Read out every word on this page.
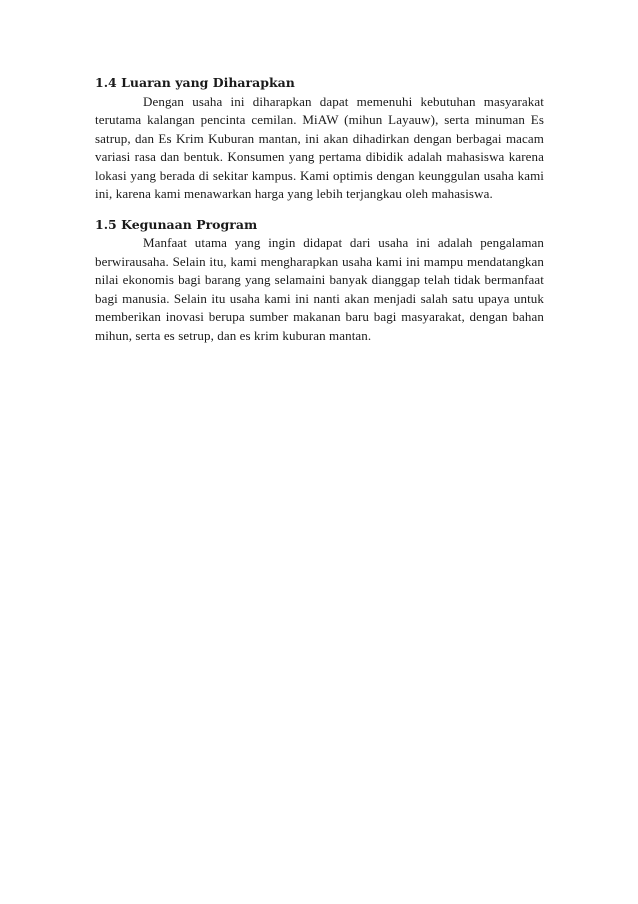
1.4 Luaran yang Diharapkan

Dengan usaha ini diharapkan dapat memenuhi kebutuhan masyarakat terutama kalangan pencinta cemilan. MiAW (mihun Layauw), serta minuman Es satrup, dan Es Krim Kuburan mantan, ini akan dihadirkan dengan berbagai macam variasi rasa dan bentuk. Konsumen yang pertama dibidik adalah mahasiswa karena lokasi yang berada di sekitar kampus. Kami optimis dengan keunggulan usaha kami ini, karena kami menawarkan harga yang lebih terjangkau oleh mahasiswa.

1.5 Kegunaan Program

Manfaat utama yang ingin didapat dari usaha ini adalah pengalaman berwirausaha. Selain itu, kami mengharapkan usaha kami ini mampu mendatangkan nilai ekonomis bagi barang yang selamaini banyak dianggap telah tidak bermanfaat bagi manusia. Selain itu usaha kami ini nanti akan menjadi salah satu upaya untuk memberikan inovasi berupa sumber makanan baru bagi masyarakat, dengan bahan mihun, serta es setrup, dan es krim kuburan mantan.
